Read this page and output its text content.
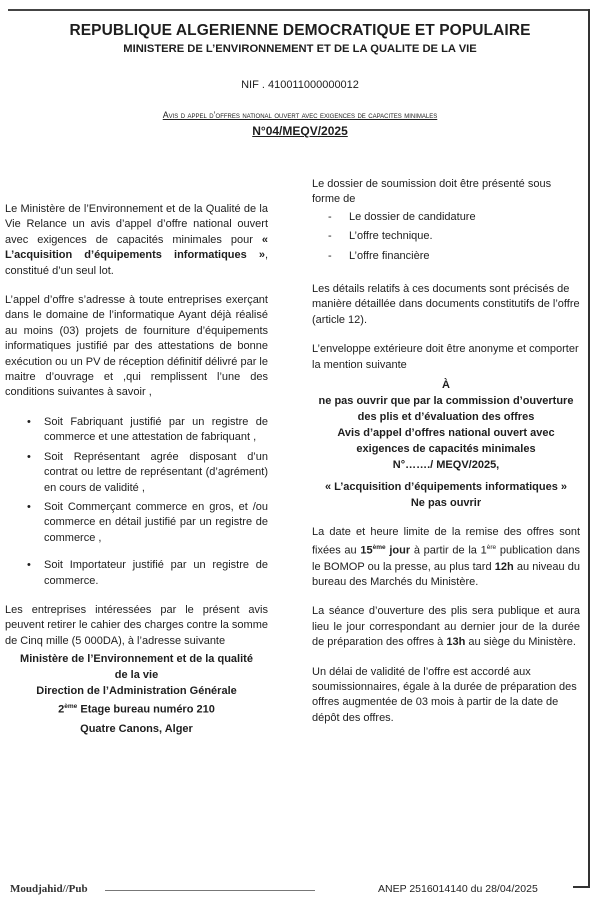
REPUBLIQUE ALGERIENNE DEMOCRATIQUE ET POPULAIRE

MINISTERE DE L’ENVIRONNEMENT ET DE LA QUALITE DE LA VIE

NIF . 410011000000012
Avis d appel d’offres national ouvert avec exigences de capacites minimales
N°04/MEQV/2025

Le Ministère de l’Environnement et de la Qualité de la Vie Relance un avis d’appel d’offre national ouvert avec exigences de capacités minimales pour « L’acquisition d’équipements informatiques », constitué d’un seul lot.

L’appel d’offre s’adresse à toute entreprises exerçant dans le domaine de l’informatique Ayant déjà réalisé au moins (03) projets de fourniture d’équipements informatiques justifié par des attestations de bonne exécution ou un PV de réception définitif délivré par le maitre d’ouvrage et ,qui remplissent l’une des conditions suivantes à savoir ,

• Soit Fabriquant justifié par un registre de commerce et une attestation de fabriquant ,
• Soit Représentant agrée disposant d’un contrat ou lettre de représentant (d’agrément) en cours de validité ,
• Soit Commerçant commerce en gros, et /ou commerce en détail justifié par un registre de commerce ,
• Soit Importateur justifié par un registre de commerce.

Les entreprises intéressées par le présent avis peuvent retirer le cahier des charges contre la somme de Cinq mille (5 000DA), à l’adresse suivante

Ministère de l’Environnement et de la qualité
de la vie
Direction de l’Administration Générale
2ème Etage bureau numéro 210
Quatre Canons, Alger

Le dossier de soumission doit être présenté sous forme de

- Le dossier de candidature
- L’offre technique.
- L’offre financière

Les détails relatifs à ces documents sont précisés de manière détaillée dans documents constitutifs de l’offre (article 12).

L’enveloppe extérieure doit être anonyme et comporter la mention suivante

À
ne pas ouvrir que par la commission d’ouverture
des plis et d’évaluation des offres
Avis d’appel d’offres national ouvert avec
exigences de capacités minimales
N°……./ MEQV/2025,
« L’acquisition d’équipements informatiques »
Ne pas ouvrir

La date et heure limite de la remise des offres sont fixées au 15ème jour à partir de la 1ère publication dans le BOMOP ou la presse, au plus tard 12h au niveau du bureau des Marchés du Ministère.

La séance d’ouverture des plis sera publique et aura lieu le jour correspondant au dernier jour de la durée de préparation des offres à 13h au siège du Ministère.

Un délai de validité de l’offre est accordé aux soumissionnaires, égale à la durée de préparation des offres augmentée de 03 mois à partir de la date de dépôt des offres.

Moudjahid//Pub	ANEP 2516014140 du 28/04/2025
